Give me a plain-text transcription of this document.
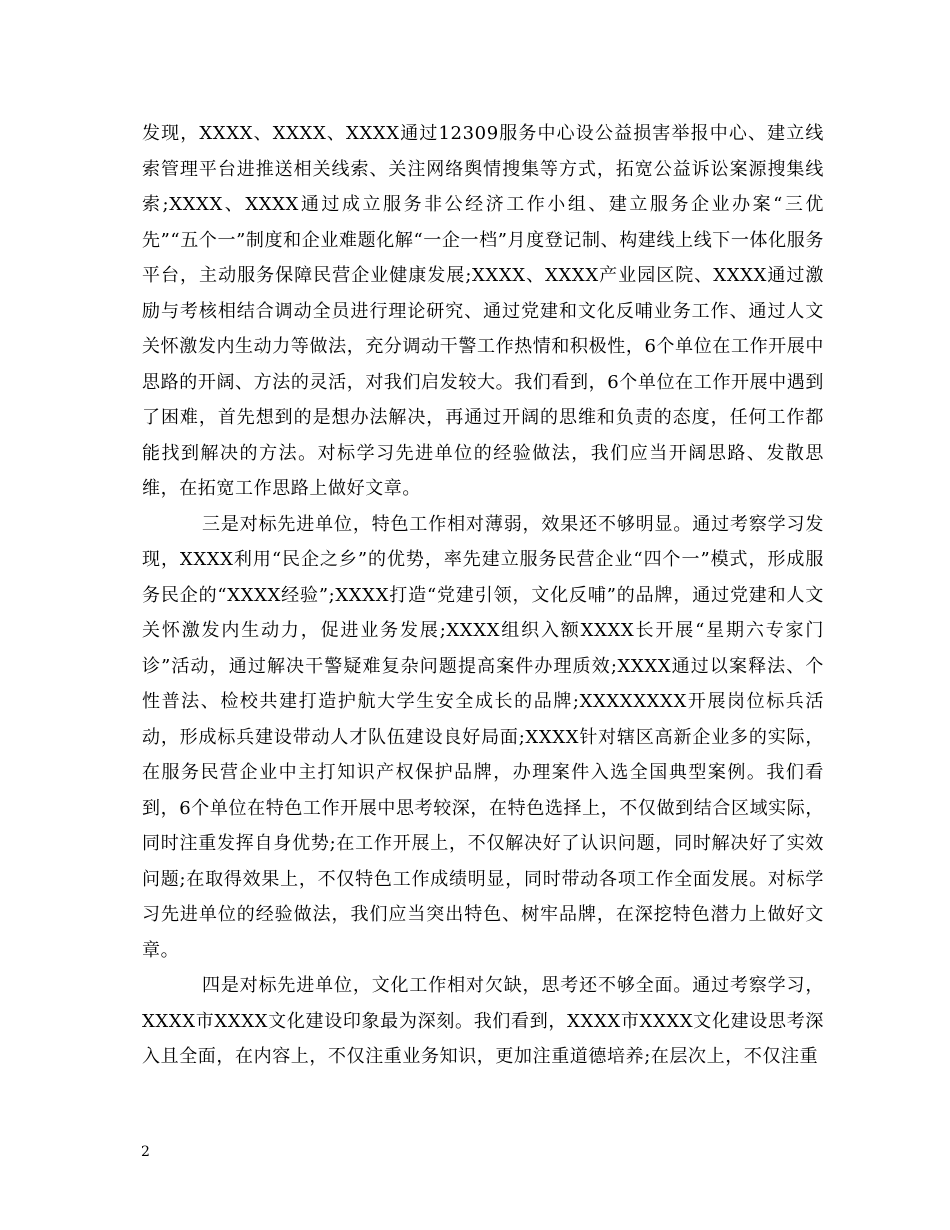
发现，XXXX、XXXX、XXXX通过12309服务中心设公益损害举报中心、建立线索管理平台进推送相关线索、关注网络舆情搜集等方式，拓宽公益诉讼案源搜集线索;XXXX、XXXX通过成立服务非公经济工作小组、建立服务企业办案“三优先”“五个一”制度和企业难题化解“一企一档”月度登记制、构建线上线下一体化服务平台，主动服务保障民营企业健康发展;XXXX、XXXX产业园区院、XXXX通过激励与考核相结合调动全员进行理论研究、通过党建和文化反哺业务工作、通过人文关怀激发内生动力等做法，充分调动干警工作热情和积极性，6个单位在工作开展中思路的开阔、方法的灵活，对我们启发较大。我们看到，6个单位在工作开展中遇到了困难，首先想到的是想办法解决，再通过开阔的思维和负责的态度，任何工作都能找到解决的方法。对标学习先进单位的经验做法，我们应当开阔思路、发散思维，在拓宽工作思路上做好文章。

三是对标先进单位，特色工作相对薄弱，效果还不够明显。通过考察学习发现，XXXX利用“民企之乡”的优势，率先建立服务民营企业“四个一”模式，形成服务民企的“XXXX经验”;XXXX打造“党建引领，文化反哺”的品牌，通过党建和人文关怀激发内生动力，促进业务发展;XXXX组织入额XXXX长开展“星期六专家门诊”活动，通过解决干警疑难复杂问题提高案件办理质效;XXXX通过以案释法、个性普法、检校共建打造护航大学生安全成长的品牌;XXXXXXXX开展岗位标兵活动，形成标兵建设带动人才队伍建设良好局面;XXXX针对辖区高新企业多的实际，在服务民营企业中主打知识产权保护品牌，办理案件入选全国典型案例。我们看到，6个单位在特色工作开展中思考较深，在特色选择上，不仅做到结合区域实际，同时注重发挥自身优势;在工作开展上，不仅解决好了认识问题，同时解决好了实效问题;在取得效果上，不仅特色工作成绩明显，同时带动各项工作全面发展。对标学习先进单位的经验做法，我们应当突出特色、树牢品牌，在深挖特色潜力上做好文章。

四是对标先进单位，文化工作相对欠缺，思考还不够全面。通过考察学习，XXXX市XXXX文化建设印象最为深刻。我们看到，XXXX市XXXX文化建设思考深入且全面，在内容上，不仅注重业务知识，更加注重道德培养;在层次上，不仅注重

2
